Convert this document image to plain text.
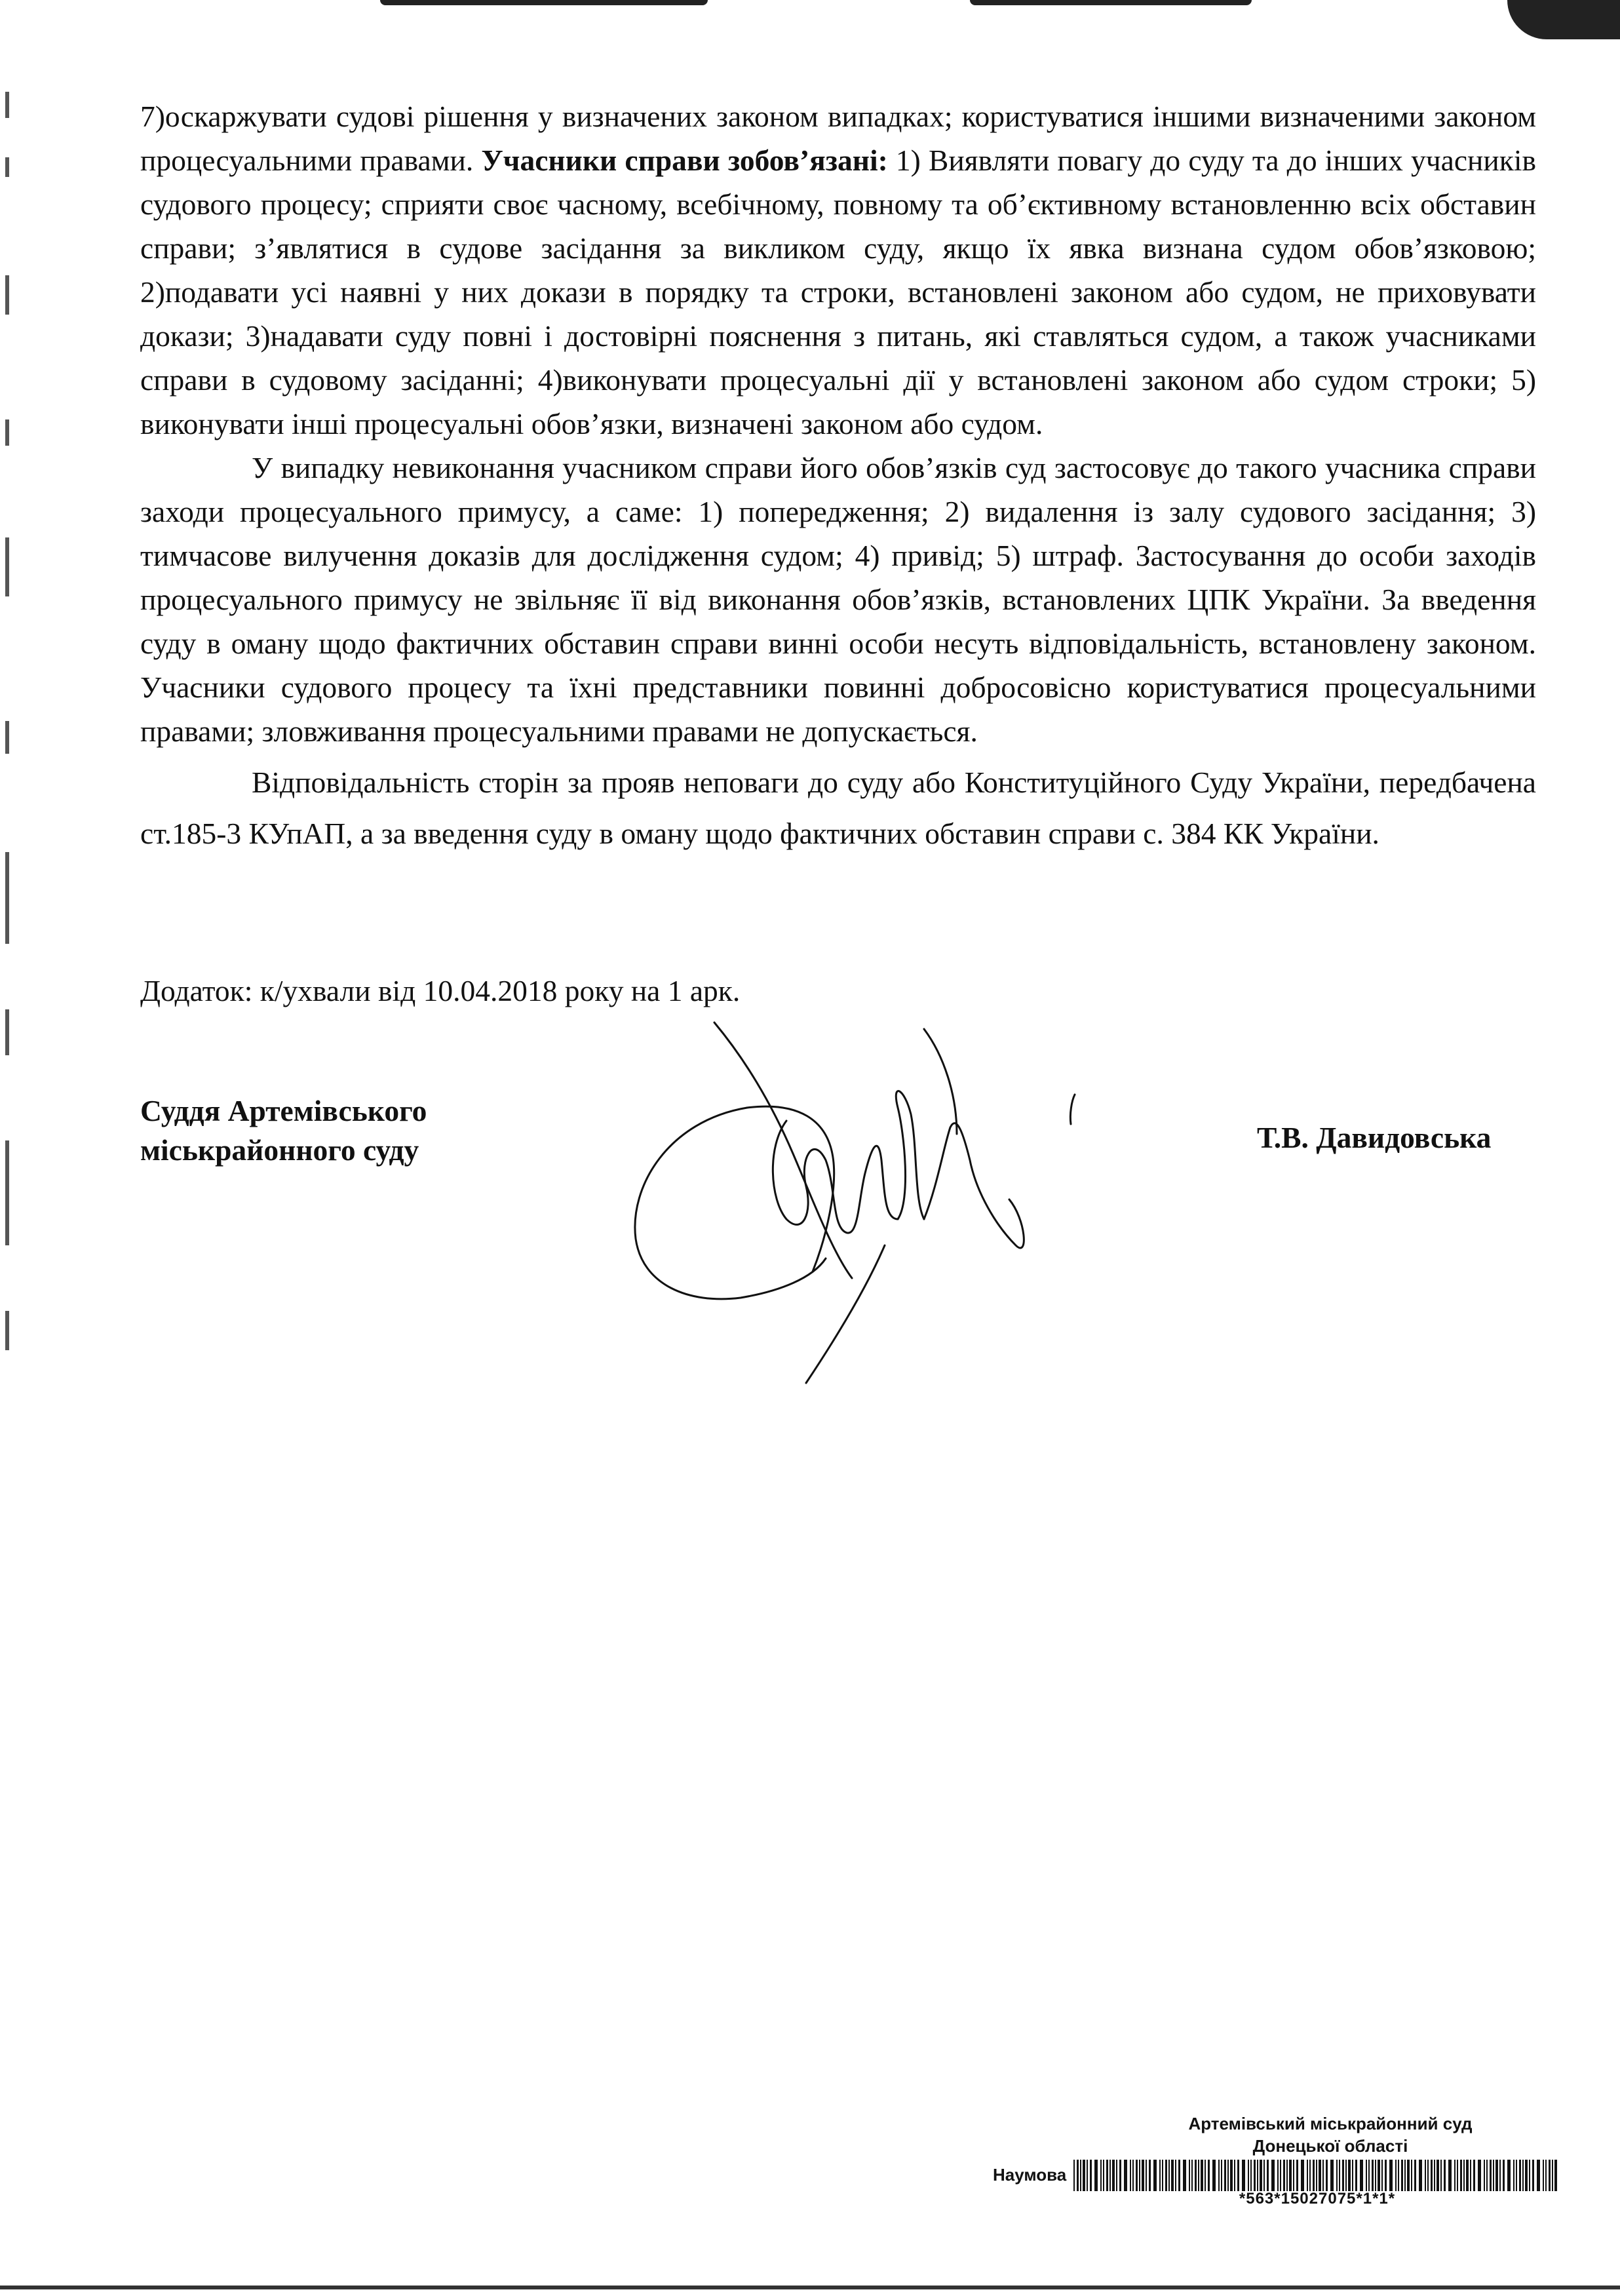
7)оскаржувати судові рішення у визначених законом випадках; користуватися іншими визначеними законом процесуальними правами. Учасники справи зобов’язані: 1) Виявляти повагу до суду та до інших учасників судового процесу; сприяти своє часному, всебічному, повному та об’єктивному встановленню всіх обставин справи; з’являтися в судове засідання за викликом суду, якщо їх явка визнана судом обов’язковою; 2)подавати усі наявні у них докази в порядку та строки, встановлені законом або судом, не приховувати докази; 3)надавати суду повні і достовірні пояснення з питань, які ставляться судом, а також учасниками справи в судовому засіданні; 4)виконувати процесуальні дії у встановлені законом або судом строки; 5) виконувати інші процесуальні обов’язки, визначені законом або судом.

У випадку невиконання учасником справи його обов’язків суд застосовує до такого учасника справи заходи процесуального примусу, а саме: 1) попередження; 2) видалення із залу судового засідання; 3) тимчасове вилучення доказів для дослідження судом; 4) привід; 5) штраф. Застосування до особи заходів процесуального примусу не звільняє її від виконання обов’язків, встановлених ЦПК України. За введення суду в оману щодо фактичних обставин справи винні особи несуть відповідальність, встановлену законом. Учасники судового процесу та їхні представники повинні добросовісно користуватися процесуальними правами; зловживання процесуальними правами не допускається.

Відповідальність сторін за прояв неповаги до суду або Конституційного Суду України, передбачена ст.185-3 КУпАП, а за введення суду в оману щодо фактичних обставин справи с. 384 КК України.

Додаток: к/ухвали від 10.04.2018 року на 1 арк.
Суддя Артемівського
міськрайонного суду	Т.В. Давидовська
Артемівський міськрайонний суд
Донецької області
Наумова
*563*15027075*1*1*
